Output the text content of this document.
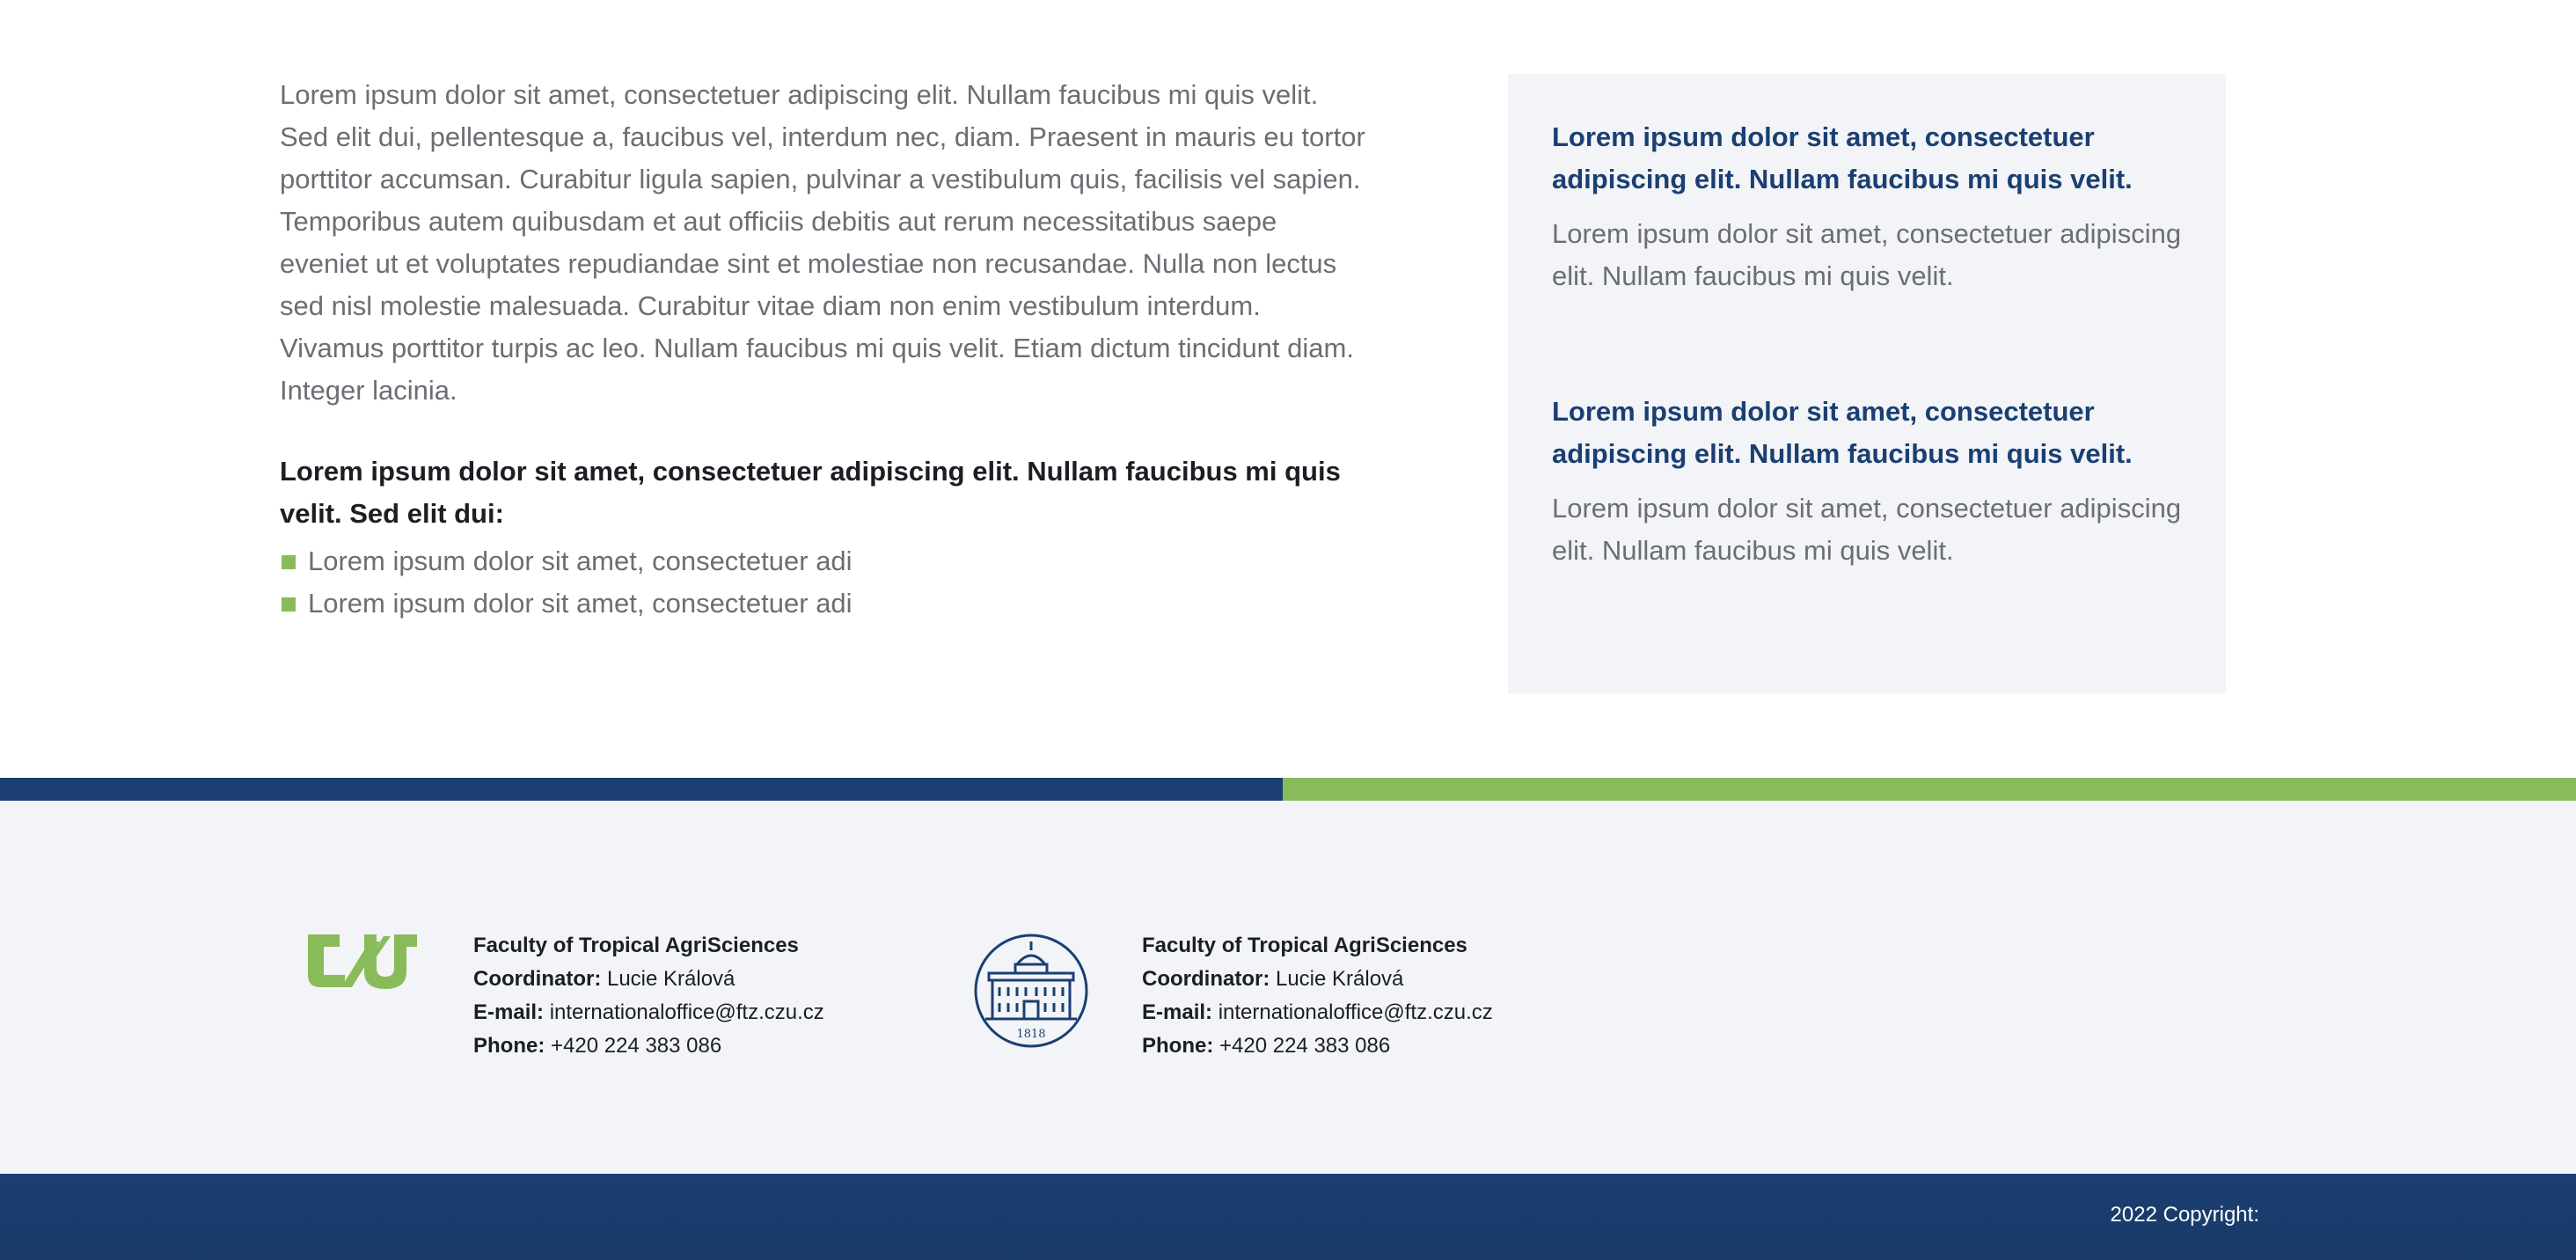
Lorem ipsum dolor sit amet, consectetuer adipiscing elit. Nullam faucibus mi quis velit. Sed elit dui, pellentesque a, faucibus vel, interdum nec, diam. Praesent in mauris eu tortor porttitor accumsan. Curabitur ligula sapien, pulvinar a vestibulum quis, facilisis vel sapien. Temporibus autem quibusdam et aut officiis debitis aut rerum necessitatibus saepe eveniet ut et voluptates repudiandae sint et molestiae non recusandae. Nulla non lectus sed nisl molestie malesuada. Curabitur vitae diam non enim vestibulum interdum. Vivamus porttitor turpis ac leo. Nullam faucibus mi quis velit. Etiam dictum tincidunt diam. Integer lacinia.

Lorem ipsum dolor sit amet, consectetuer adipiscing elit. Nullam faucibus mi quis velit. Sed elit dui:

Lorem ipsum dolor sit amet, consectetuer adi
Lorem ipsum dolor sit amet, consectetuer adi
Lorem ipsum dolor sit amet, consectetuer adipiscing elit. Nullam faucibus mi quis velit.

Lorem ipsum dolor sit amet, consectetuer adipiscing elit. Nullam faucibus mi quis velit.

Lorem ipsum dolor sit amet, consectetuer adipiscing elit. Nullam faucibus mi quis velit.

Lorem ipsum dolor sit amet, consectetuer adipiscing elit. Nullam faucibus mi quis velit.

Faculty of Tropical AgriSciences
Coordinator: Lucie Králová
E-mail: internationaloffice@ftz.czu.cz
Phone: +420 224 383 086	1818
Faculty of Tropical AgriSciences
Coordinator: Lucie Králová
E-mail: internationaloffice@ftz.czu.cz
Phone: +420 224 383 086
2022 Copyright:
